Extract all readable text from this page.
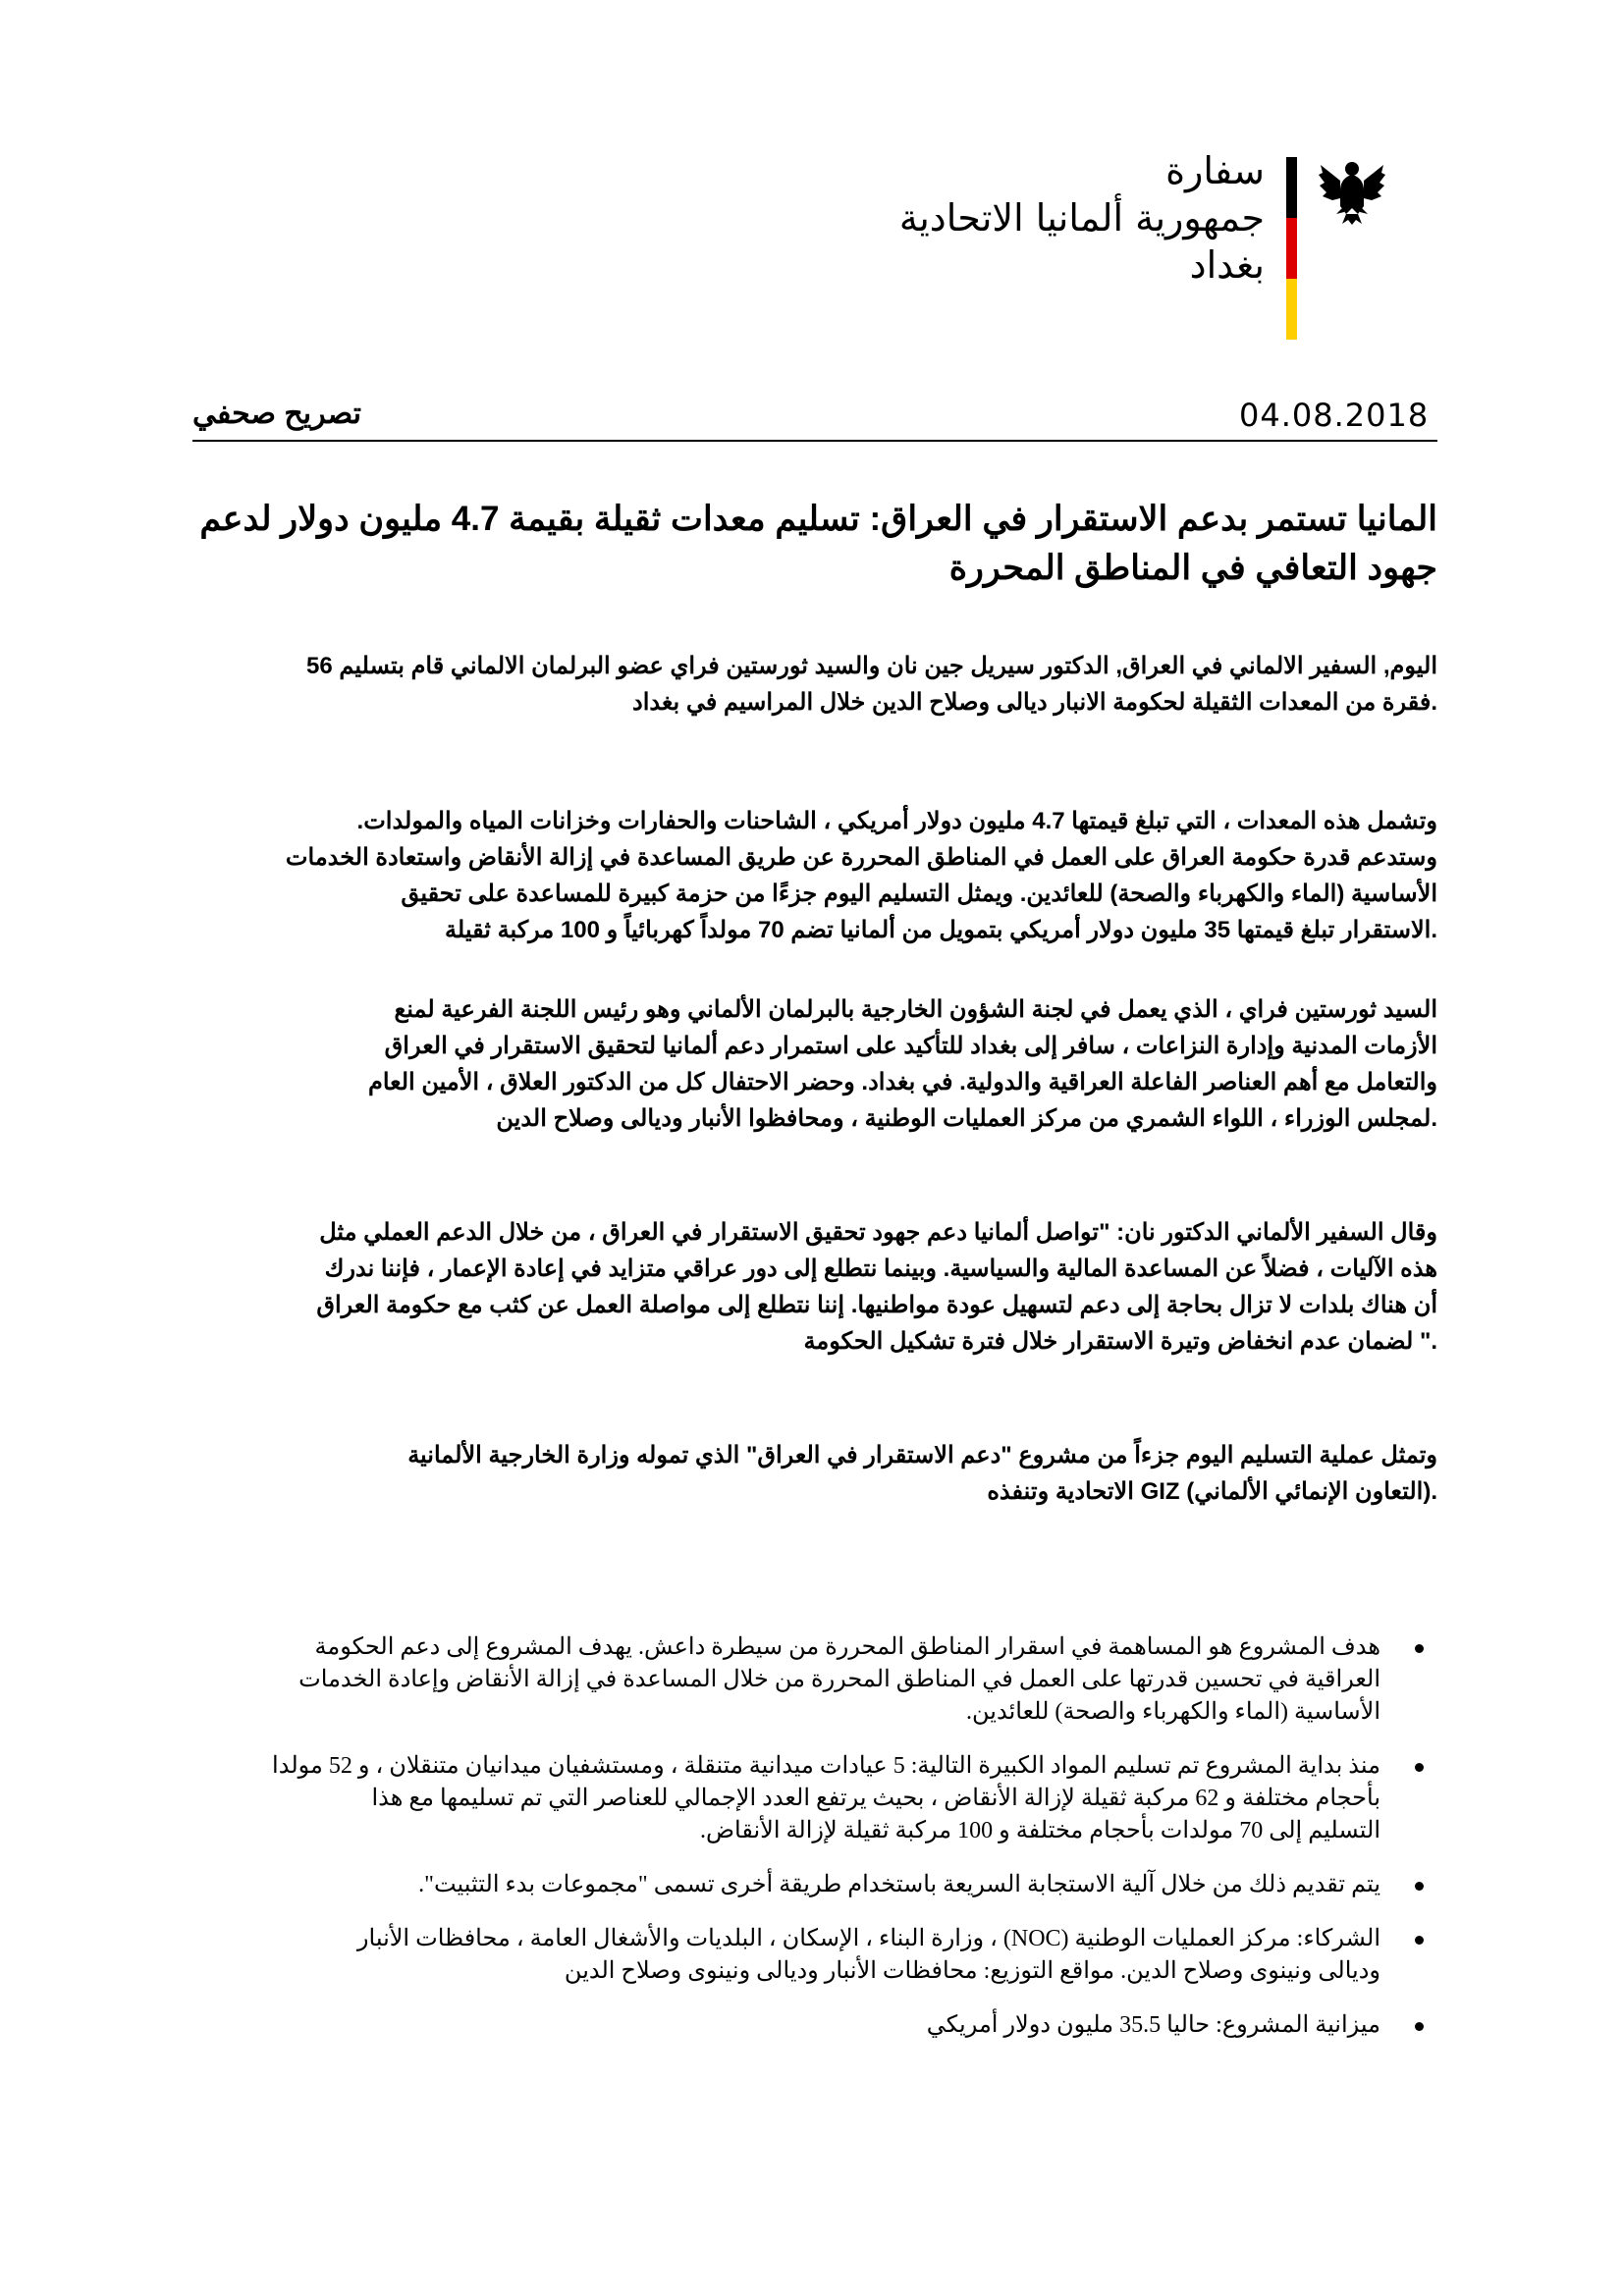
سفارة
جمهورية ألمانيا الاتحادية
بغداد
04.08.2018
تصريح صحفي
المانيا تستمر بدعم الاستقرار في العراق: تسليم معدات ثقيلة بقيمة 4.7 مليون دولار لدعم
جهود التعافي في المناطق المحررة
اليوم, السفير الالماني في العراق, الدكتور سيريل جين نان والسيد ثورستين فراي عضو البرلمان الالماني قام بتسليم 56
.فقرة من المعدات الثقيلة لحكومة الانبار ديالى وصلاح الدين خلال المراسيم في بغداد
وتشمل هذه المعدات ، التي تبلغ قيمتها 4.7 مليون دولار أمريكي ، الشاحنات والحفارات وخزانات المياه والمولدات.
وستدعم قدرة حكومة العراق على العمل في المناطق المحررة عن طريق المساعدة في إزالة الأنقاض واستعادة الخدمات
الأساسية (الماء والكهرباء والصحة) للعائدين. ويمثل التسليم اليوم جزءًا من حزمة كبيرة للمساعدة على تحقيق
.الاستقرار تبلغ قيمتها 35 مليون دولار أمريكي بتمويل من ألمانيا تضم 70 مولداً كهربائياً و 100 مركبة ثقيلة
السيد ثورستين فراي ، الذي يعمل في لجنة الشؤون الخارجية بالبرلمان الألماني وهو رئيس اللجنة الفرعية لمنع
الأزمات المدنية وإدارة النزاعات ، سافر إلى بغداد للتأكيد على استمرار دعم ألمانيا لتحقيق الاستقرار في العراق
والتعامل مع أهم العناصر الفاعلة العراقية والدولية. في بغداد. وحضر الاحتفال كل من الدكتور العلاق ، الأمين العام
.لمجلس الوزراء ، اللواء الشمري من مركز العمليات الوطنية ، ومحافظوا الأنبار وديالى وصلاح الدين
وقال السفير الألماني الدكتور نان: "تواصل ألمانيا دعم جهود تحقيق الاستقرار في العراق ، من خلال الدعم العملي مثل
هذه الآليات ، فضلاً عن المساعدة المالية والسياسية. وبينما نتطلع إلى دور عراقي متزايد في إعادة الإعمار ، فإننا ندرك
أن هناك بلدات لا تزال بحاجة إلى دعم لتسهيل عودة مواطنيها. إننا نتطلع إلى مواصلة العمل عن كثب مع حكومة العراق
." لضمان عدم انخفاض وتيرة الاستقرار خلال فترة تشكيل الحكومة
وتمثل عملية التسليم اليوم جزءاً من مشروع "دعم الاستقرار في العراق" الذي تموله وزارة الخارجية الألمانية
.(التعاون الإنمائي الألماني) GIZ الاتحادية وتنفذه
هدف المشروع هو المساهمة في اسقرار المناطق المحررة من سيطرة داعش. يهدف المشروع إلى دعم الحكومة
العراقية في تحسين قدرتها على العمل في المناطق المحررة من خلال المساعدة في إزالة الأنقاض وإعادة الخدمات
الأساسية (الماء والكهرباء والصحة) للعائدين.
منذ بداية المشروع تم تسليم المواد الكبيرة التالية: 5 عيادات ميدانية متنقلة ، ومستشفيان ميدانيان متنقلان ، و 52 مولدا
بأحجام مختلفة و 62 مركبة ثقيلة لإزالة الأنقاض ، بحيث يرتفع العدد الإجمالي للعناصر التي تم تسليمها مع هذا
التسليم إلى 70 مولدات بأحجام مختلفة و 100 مركبة ثقيلة لإزالة الأنقاض.
يتم تقديم ذلك من خلال آلية الاستجابة السريعة باستخدام طريقة أخرى تسمى "مجموعات بدء التثبيت".
الشركاء: مركز العمليات الوطنية (NOC) ، وزارة البناء ، الإسكان ، البلديات والأشغال العامة ، محافظات الأنبار
وديالى ونينوى وصلاح الدين. مواقع التوزيع: محافظات الأنبار وديالى ونينوى وصلاح الدين
ميزانية المشروع: حاليا 35.5 مليون دولار أمريكي
